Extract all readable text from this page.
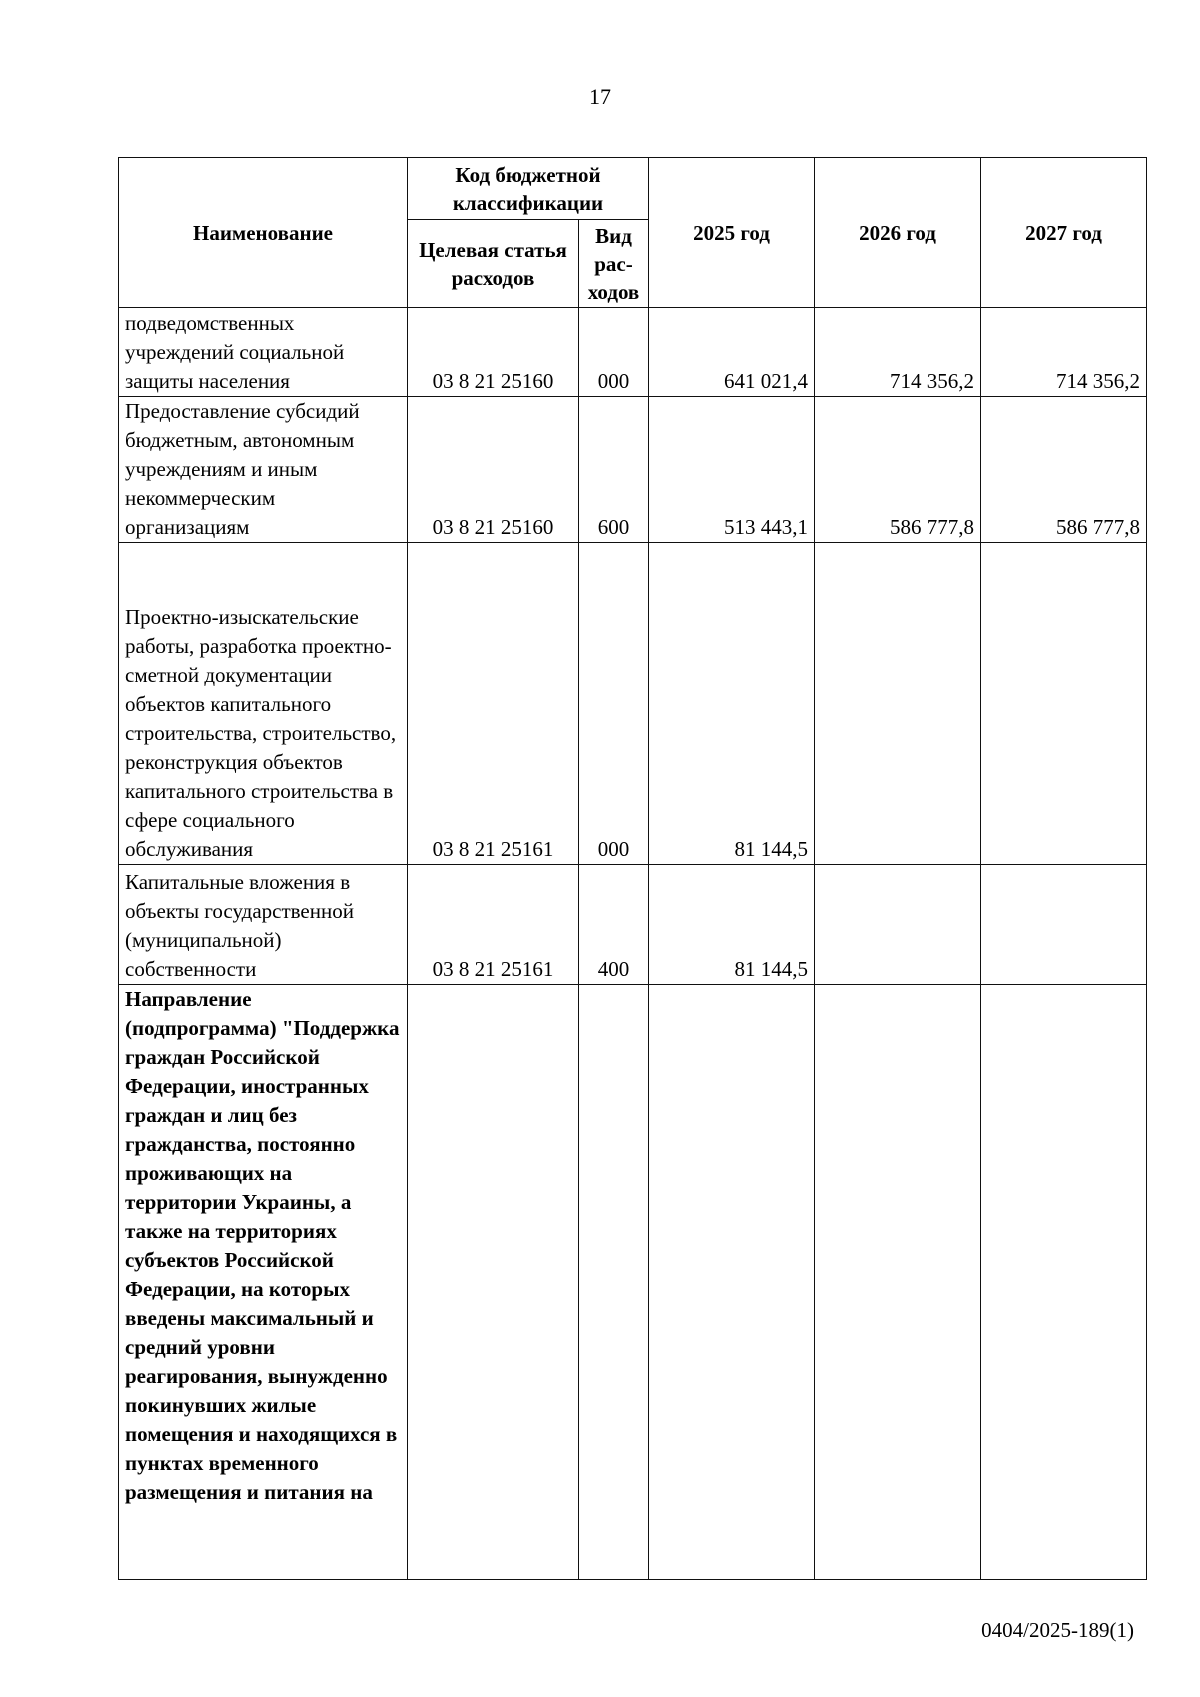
17
Наименование	Код бюджетной классификации		2025 год	2026 год	2027 год
	Целевая статья расходов	Вид рас-ходов			
подведомственных учреждений социальной защиты населения	03 8 21 25160	000	641 021,4	714 356,2	714 356,2
Предоставление субсидий бюджетным, автономным учреждениям и иным некоммерческим организациям	03 8 21 25160	600	513 443,1	586 777,8	586 777,8
Проектно-изыскательские работы, разработка проектно-сметной документации объектов капитального строительства, строительство, реконструкция объектов капитального строительства в сфере социального обслуживания	03 8 21 25161	000	81 144,5		
Капитальные вложения в объекты государственной (муниципальной) собственности	03 8 21 25161	400	81 144,5		
Направление (подпрограмма) "Поддержка граждан Российской Федерации, иностранных граждан и лиц без гражданства, постоянно проживающих на территории Украины, а также на территориях субъектов Российской Федерации, на которых введены максимальный и средний уровни реагирования, вынужденно покинувших жилые помещения и находящихся в пунктах временного размещения и питания на					
0404/2025-189(1)
